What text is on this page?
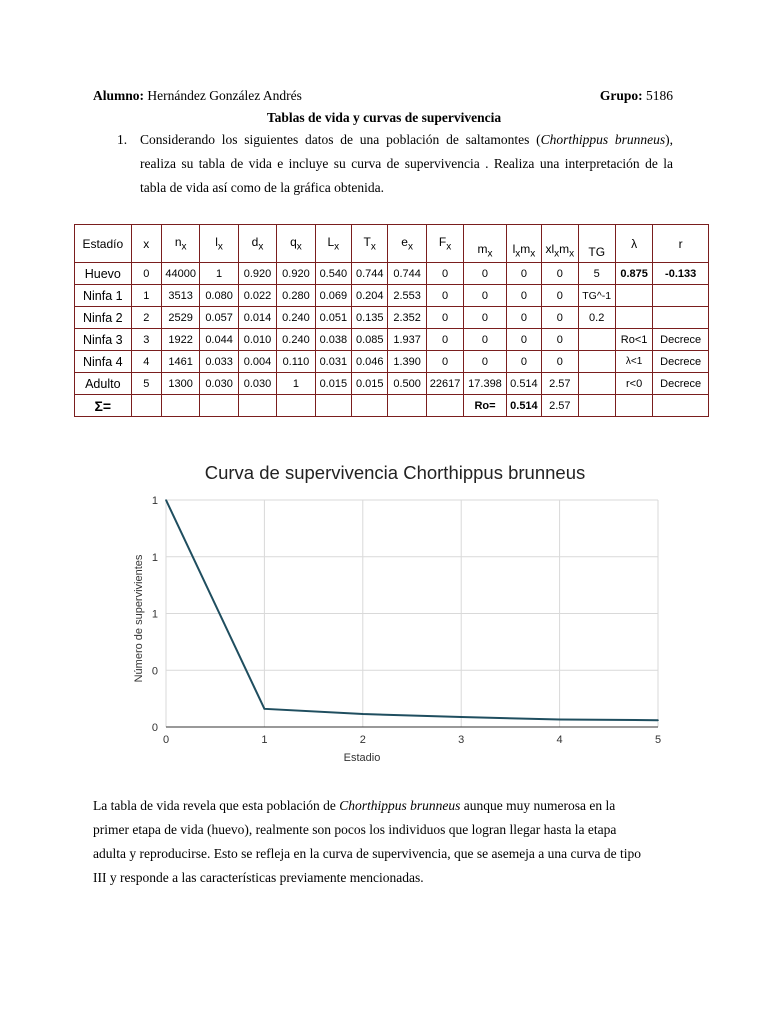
Alumno: Hernández González Andrés	Grupo: 5186
Tablas de vida y curvas de supervivencia
1. Considerando los siguientes datos de una población de saltamontes (Chorthippus brunneus),
realiza su tabla de vida e incluye su curva de supervivencia . Realiza una interpretación de la
tabla de vida así como de la gráfica obtenida.
Estadío	x	$n_x$	$l_x$	$d_x$	$q_x$	$L_x$	$T_x$	$e_x$	$F_x$	$m_x$	$l_xm_x$	$xl_xm_x$	TG	λ	r
Huevo	0	44000	1	0.920	0.920	0.540	0.744	0.744	0	0	0	0	5	0.875	-0.133
Ninfa 1	1	3513	0.080	0.022	0.280	0.069	0.204	2.553	0	0	0	0	TG^-1		
Ninfa 2	2	2529	0.057	0.014	0.240	0.051	0.135	2.352	0	0	0	0	0.2		
Ninfa 3	3	1922	0.044	0.010	0.240	0.038	0.085	1.937	0	0	0	0		Ro<1	Decrece
Ninfa 4	4	1461	0.033	0.004	0.110	0.031	0.046	1.390	0	0	0	0		λ<1	Decrece
Adulto	5	1300	0.030	0.030	1	0.015	0.015	0.500	22617	17.398	0.514	2.57		r<0	Decrece
Σ=										Ro=	0.514	2.57			
Curva de supervivencia Chorthippus brunneus
0
0
1
1
1
0	1	2	3	4	5
Estadio
Número de supervivientes
La tabla de vida revela que esta población de Chorthippus brunneus aunque muy numerosa en la
primer etapa de vida (huevo), realmente son pocos los individuos que logran llegar hasta la etapa
adulta y reproducirse. Esto se refleja en la curva de supervivencia, que se asemeja a una curva de tipo
III y responde a las características previamente mencionadas.
